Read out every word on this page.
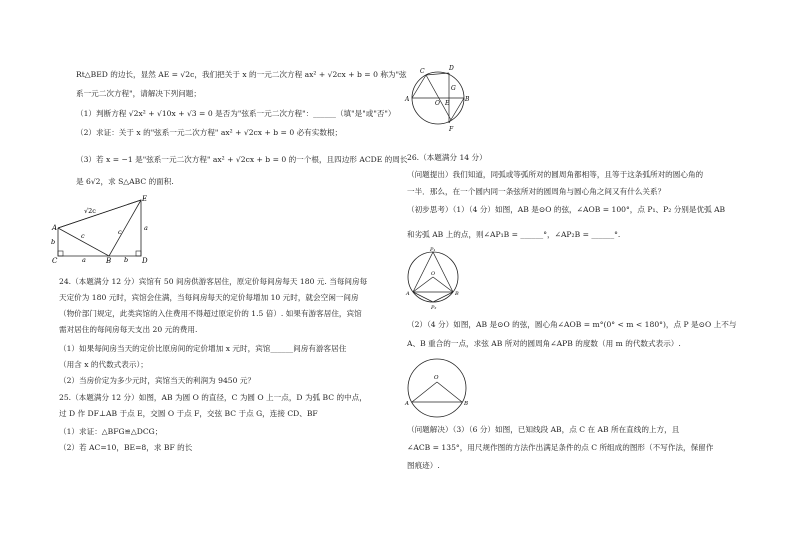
Rt△BED 的边长，显然 AE = √2c，我们把关于 x 的一元二次方程 ax² + √2cx + b = 0 称为"弦
系一元二次方程"，请解决下列问题；
（1）判断方程 √2x² + √10x + √3 = 0 是否为"弦系一元二次方程"：______（填"是"或"否"）
（2）求证：关于 x 的"弦系一元二次方程" ax² + √2cx + b = 0 必有实数根；
（3）若 x = −1 是"弦系一元二次方程" ax² + √2cx + b = 0 的一个根，且四边形 ACDE 的周长
是 6√2，求 S△ABC 的面积.
A
E
D
C	B
√2c
c	c
b
a
a
b
24.（本题满分 12 分）宾馆有 50 间房供游客居住，原定价每间房每天 180 元. 当每间房每
天定价为 180 元时，宾馆会住满，当每间房每天的定价每增加 10 元时，就会空闲一间房
（物价部门规定，此类宾馆的入住费用不得超过原定价的 1.5 倍）. 如果有游客居住，宾馆
需对居住的每间房每天支出 20 元的费用.
（1）如果每间房当天的定价比原房间的定价增加 x 元时，宾馆______间房有游客居住
（用含 x 的代数式表示）；
（2）当房价定为多少元时，宾馆当天的利润为 9450 元？
25.（本题满分 12 分）如图，AB 为圆 O 的直径，C 为圆 O 上一点，D 为弧 BC 的中点，
过 D 作 DF⊥AB 于点 E，交圆 O 于点 F，交弦 BC 于点 G，连接 CD、BF
（1）求证：△BFG≌△DCG；
（2）若 AC=10，BE=8，求 BF 的长
C	D
A
O E
B
G
F
26.（本题满分 14 分）
（问题提出）我们知道，同弧或等弧所对的圆周角都相等，且等于这条弧所对的圆心角的
一半．那么，在一个圆内同一条弦所对的圆周角与圆心角之间又有什么关系？
（初步思考）（1）（4 分）如图，AB 是⊙O 的弦，∠AOB = 100°，点 P₁、P₂ 分别是优弧 AB
和劣弧 AB 上的点，则∠AP₁B = ______°，∠AP₂B = ______°.
P₁
O
A	B
P₂
（2）（4 分）如图，AB 是⊙O 的弦，圆心角∠AOB = m°(0° < m < 180°)，点 P 是⊙O 上不与
A、B 重合的一点，求弦 AB 所对的圆周角∠APB 的度数（用 m 的代数式表示）.
O
A	B
（问题解决）（3）（6 分）如图，已知线段 AB，点 C 在 AB 所在直线的上方，且
∠ACB = 135°，用尺规作图的方法作出满足条件的点 C 所组成的图形（不写作法，保留作
图痕迹）.
